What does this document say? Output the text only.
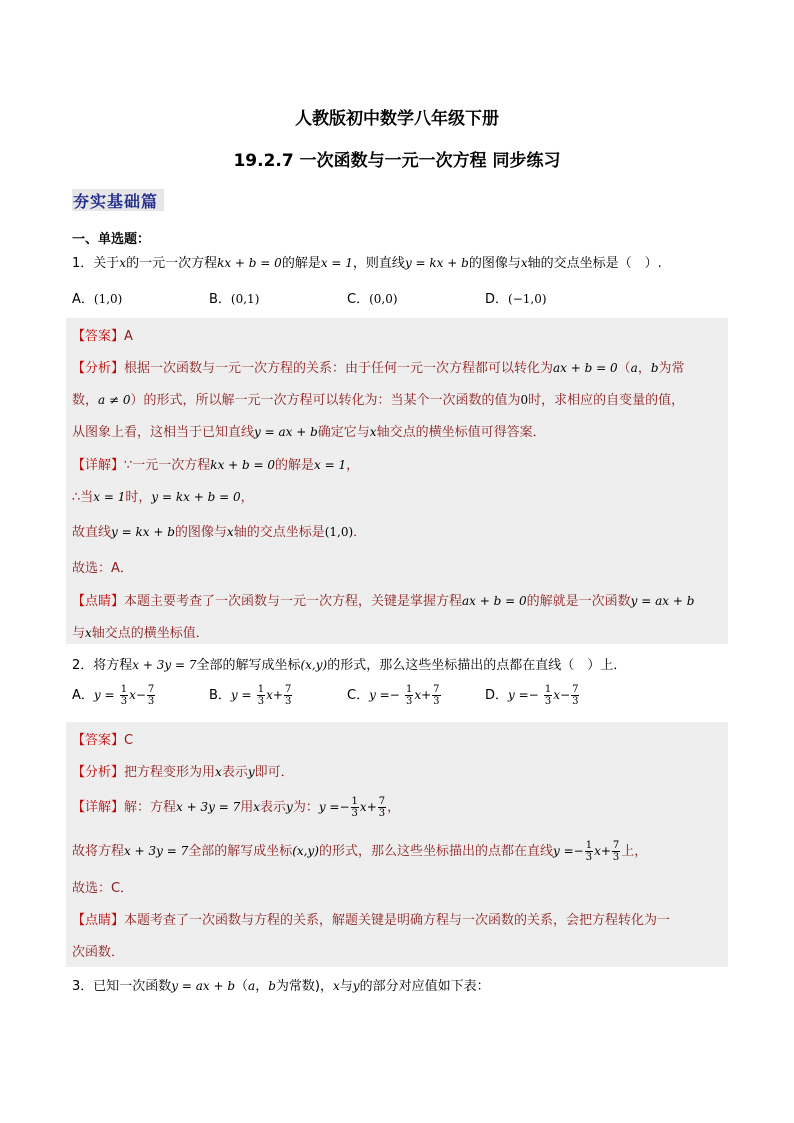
人教版初中数学八年级下册
19.2.7 一次函数与一元一次方程 同步练习
夯实基础篇
一、单选题：
1．关于x的一元一次方程kx + b = 0的解是x = 1，则直线y = kx + b的图像与x轴的交点坐标是（　）.
A．(1,0)	B．(0,1)	C．(0,0)	D．(−1,0)
【答案】A
【分析】根据一次函数与一元一次方程的关系：由于任何一元一次方程都可以转化为ax + b = 0（a，b为常
数，a ≠ 0）的形式，所以解一元一次方程可以转化为：当某个一次函数的值为0时，求相应的自变量的值，
从图象上看，这相当于已知直线y = ax + b确定它与x轴交点的横坐标值可得答案．
【详解】∵一元一次方程kx + b = 0的解是x = 1，
∴当x = 1时，y = kx + b = 0，
故直线y = kx + b的图像与x轴的交点坐标是(1,0)．
故选：A．
【点睛】本题主要考查了一次函数与一元一次方程，关键是掌握方程ax + b = 0的解就是一次函数y = ax + b
与x轴交点的横坐标值．
2．将方程x + 3y = 7全部的解写成坐标(x,y)的形式，那么这些坐标描出的点都在直线（　）上．
A．$y = \frac{1}{3} x- \frac{7}{3}$	B．$y = \frac{1}{3} x+ \frac{7}{3}$	C．$y =- \frac{1}{3} x+ \frac{7}{3}$	D．$y =- \frac{1}{3} x- \frac{7}{3}$
【答案】C
【分析】把方程变形为用x表示y即可．
【详解】解：方程x + 3y = 7用x表示y为：$y =- \frac{1}{3} x+ \frac{7}{3}$ ，
故将方程x + 3y = 7全部的解写成坐标(x,y)的形式，那么这些坐标描出的点都在直线$y =- \frac{1}{3} x+ \frac{7}{3}$ 上，
故选：C．
【点睛】本题考查了一次函数与方程的关系，解题关键是明确方程与一次函数的关系，会把方程转化为一
次函数．
3．已知一次函数y = ax + b（a，b为常数)，x与y的部分对应值如下表：
